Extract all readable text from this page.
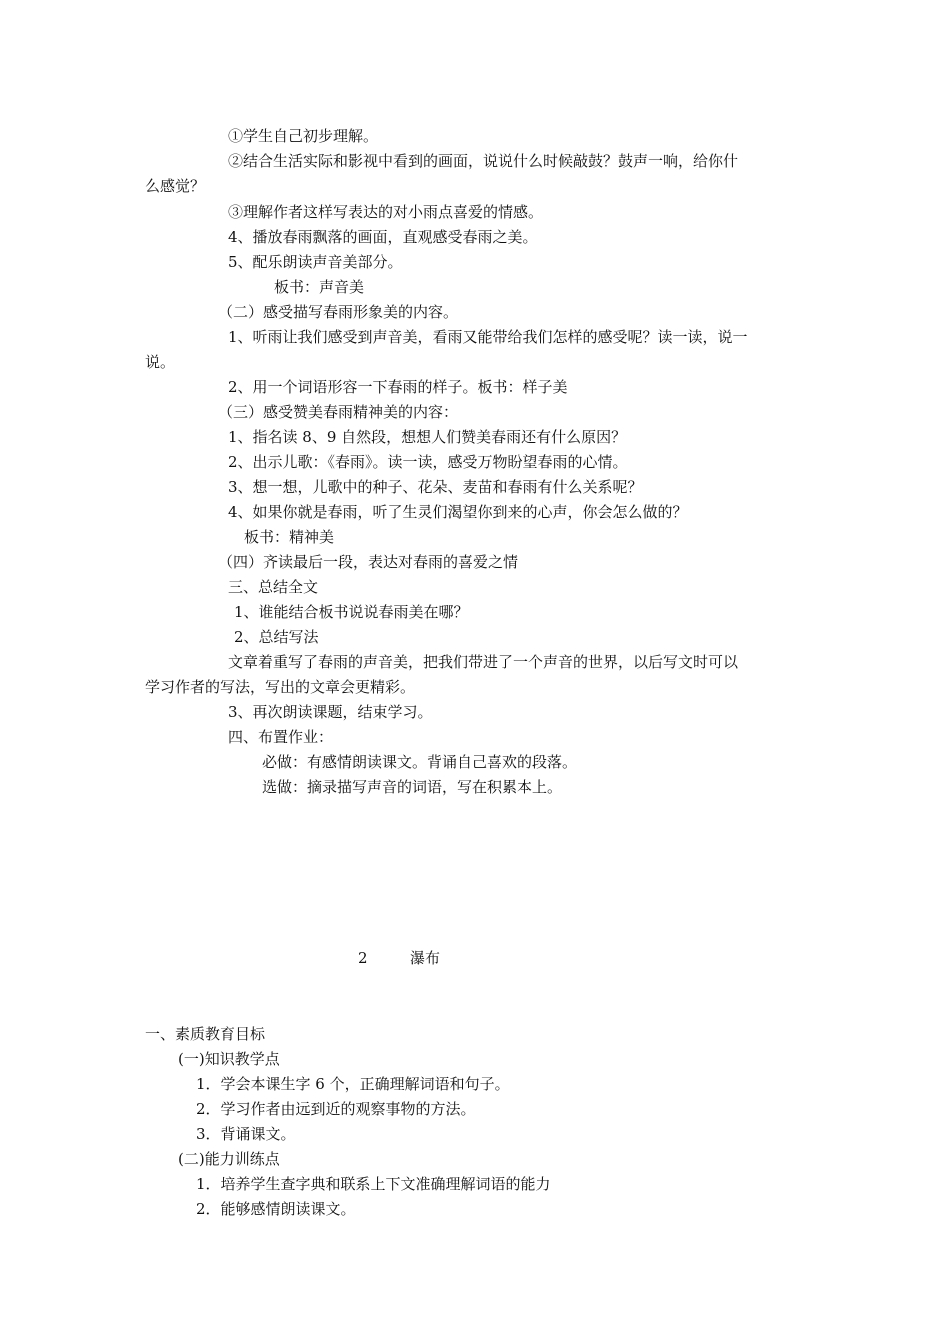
①学生自己初步理解。
②结合生活实际和影视中看到的画面，说说什么时候敲鼓？鼓声一响，给你什
么感觉？
③理解作者这样写表达的对小雨点喜爱的情感。
4、播放春雨飘落的画面，直观感受春雨之美。
5、配乐朗读声音美部分。
板书：声音美
（二）感受描写春雨形象美的内容。
1、听雨让我们感受到声音美，看雨又能带给我们怎样的感受呢？读一读，说一
说。
2、用一个词语形容一下春雨的样子。板书：样子美
（三）感受赞美春雨精神美的内容：
1、指名读 8、9 自然段，想想人们赞美春雨还有什么原因？
2、出示儿歌：《春雨》。读一读，感受万物盼望春雨的心情。
3、想一想，儿歌中的种子、花朵、麦苗和春雨有什么关系呢？
4、如果你就是春雨，听了生灵们渴望你到来的心声，你会怎么做的？
板书：精神美
（四）齐读最后一段，表达对春雨的喜爱之情
三、总结全文
1、谁能结合板书说说春雨美在哪？
2、总结写法
文章着重写了春雨的声音美，把我们带进了一个声音的世界，以后写文时可以
学习作者的写法，写出的文章会更精彩。
3、再次朗读课题，结束学习。
四、布置作业：
必做：有感情朗读课文。背诵自己喜欢的段落。
选做：摘录描写声音的词语，写在积累本上。
2	瀑布
一、素质教育目标
(一)知识教学点
1．学会本课生字 6 个，正确理解词语和句子。
2．学习作者由远到近的观察事物的方法。
3．背诵课文。
(二)能力训练点
1．培养学生查字典和联系上下文准确理解词语的能力
2．能够感情朗读课文。
